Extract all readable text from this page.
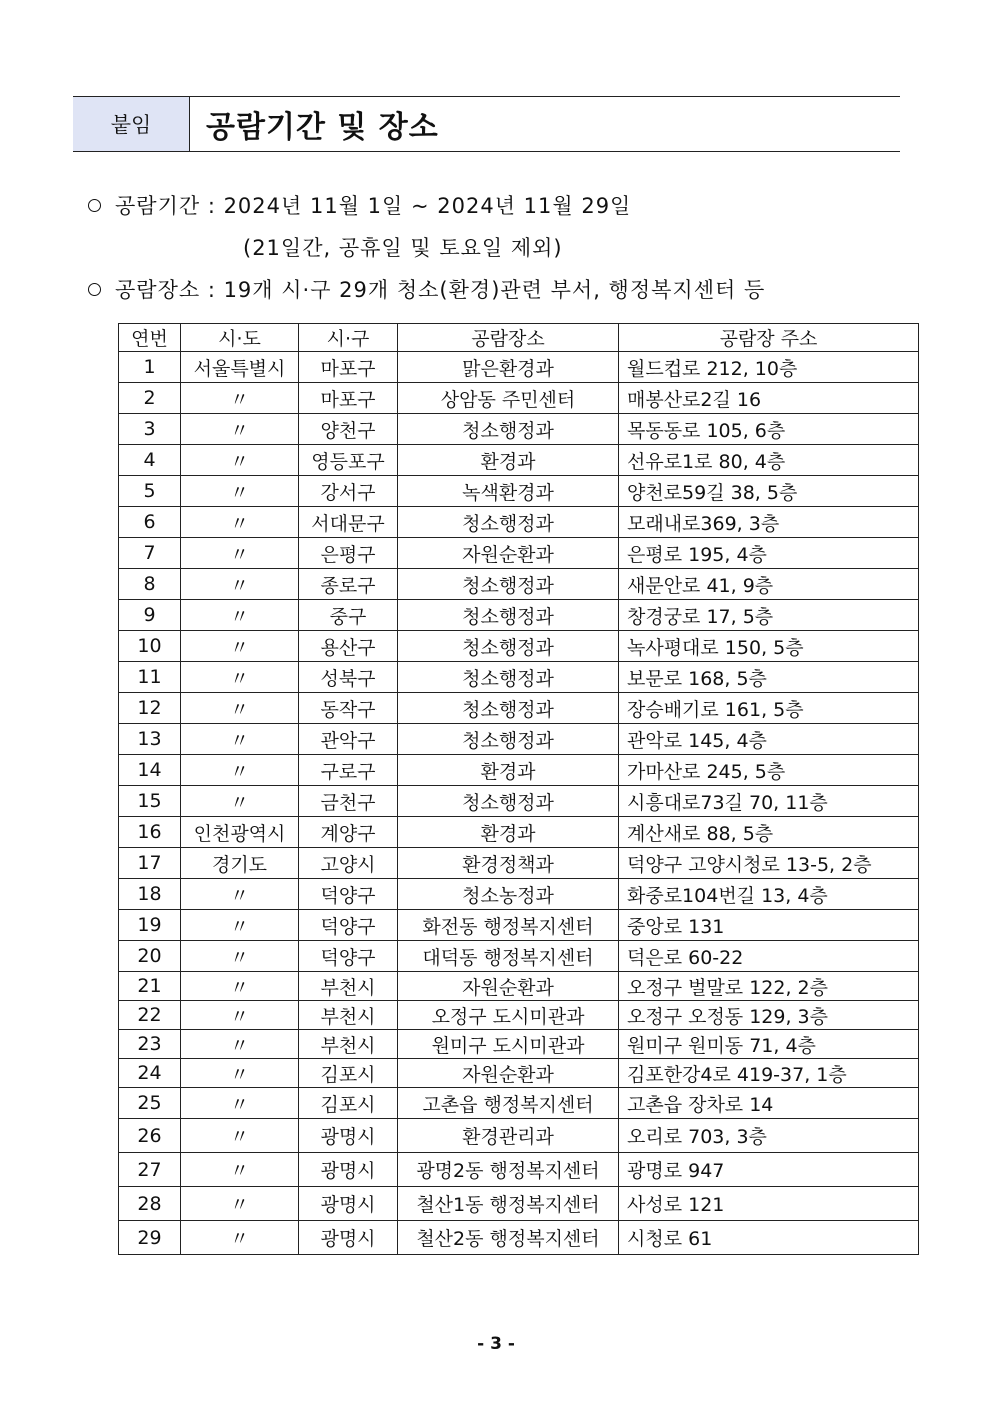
붙임	공람기간 및 장소
공람기간 : 2024년 11월 1일 ~ 2024년 11월 29일
(21일간, 공휴일 및 토요일 제외)
공람장소 : 19개 시·구 29개 청소(환경)관련 부서, 행정복지센터 등
연번	시·도	시·구	공람장소	공람장 주소
1	서울특별시	마포구	맑은환경과	월드컵로 212, 10층
2	〃	마포구	상암동 주민센터	매봉산로2길 16
3	〃	양천구	청소행정과	목동동로 105, 6층
4	〃	영등포구	환경과	선유로1로 80, 4층
5	〃	강서구	녹색환경과	양천로59길 38, 5층
6	〃	서대문구	청소행정과	모래내로369, 3층
7	〃	은평구	자원순환과	은평로 195, 4층
8	〃	종로구	청소행정과	새문안로 41, 9층
9	〃	중구	청소행정과	창경궁로 17, 5층
10	〃	용산구	청소행정과	녹사평대로 150, 5층
11	〃	성북구	청소행정과	보문로 168, 5층
12	〃	동작구	청소행정과	장승배기로 161, 5층
13	〃	관악구	청소행정과	관악로 145, 4층
14	〃	구로구	환경과	가마산로 245, 5층
15	〃	금천구	청소행정과	시흥대로73길 70, 11층
16	인천광역시	계양구	환경과	계산새로 88, 5층
17	경기도	고양시	환경정책과	덕양구 고양시청로 13-5, 2층
18	〃	덕양구	청소농정과	화중로104번길 13, 4층
19	〃	덕양구	화전동 행정복지센터	중앙로 131
20	〃	덕양구	대덕동 행정복지센터	덕은로 60-22
21	〃	부천시	자원순환과	오정구 벌말로 122, 2층
22	〃	부천시	오정구 도시미관과	오정구 오정동 129, 3층
23	〃	부천시	원미구 도시미관과	원미구 원미동 71, 4층
24	〃	김포시	자원순환과	김포한강4로 419-37, 1층
25	〃	김포시	고촌읍 행정복지센터	고촌읍 장차로 14
26	〃	광명시	환경관리과	오리로 703, 3층
27	〃	광명시	광명2동 행정복지센터	광명로 947
28	〃	광명시	철산1동 행정복지센터	사성로 121
29	〃	광명시	철산2동 행정복지센터	시청로 61
- 3 -
